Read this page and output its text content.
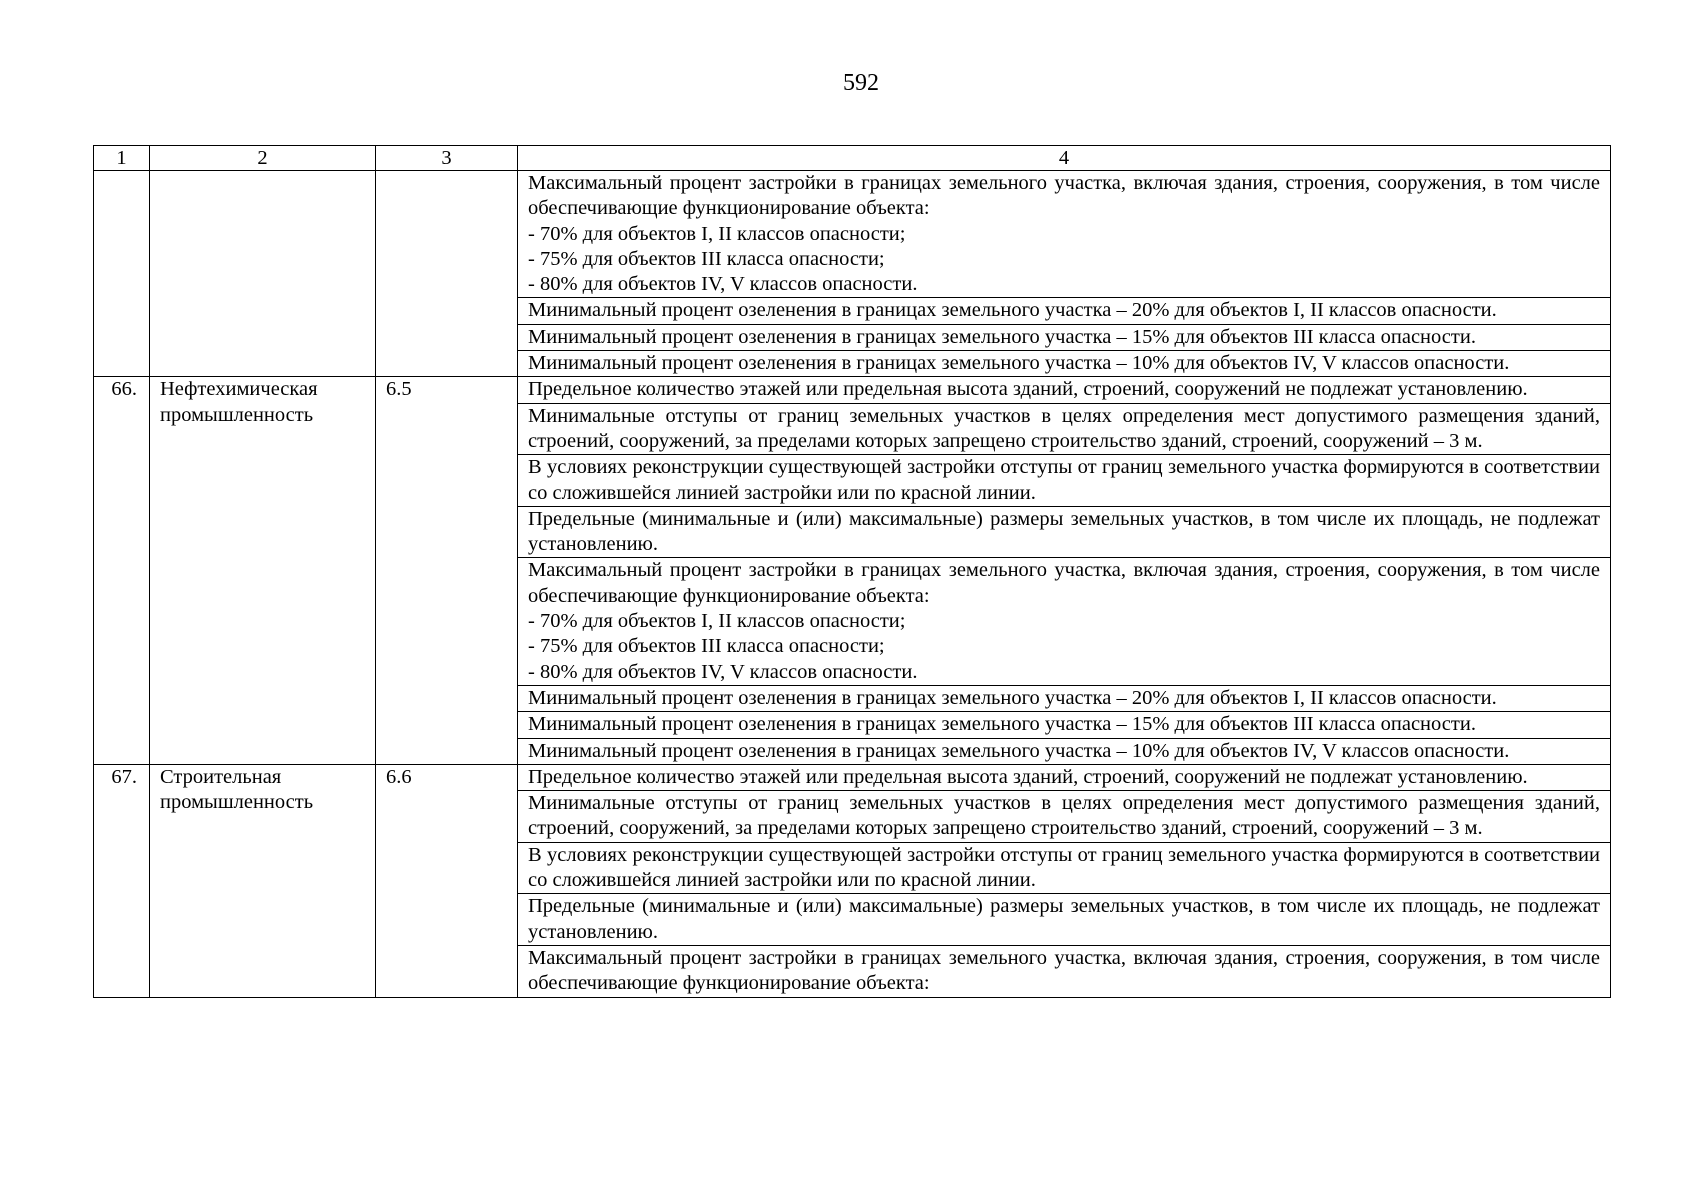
592
1	2	3	4

			Максимальный процент застройки в границах земельного участка, включая здания, строения, сооружения, в том числе обеспечивающие функционирование объекта:
- 70% для объектов I, II классов опасности;
- 75% для объектов III класса опасности;
- 80% для объектов IV, V классов опасности.

			Минимальный процент озеленения в границах земельного участка – 20% для объектов I, II классов опасности.

			Минимальный процент озеленения в границах земельного участка – 15% для объектов III класса опасности.

			Минимальный процент озеленения в границах земельного участка – 10% для объектов IV, V классов опасности.

66.	Нефтехимическая промышленность	6.5	Предельное количество этажей или предельная высота зданий, строений, сооружений не подлежат установлению.

			Минимальные отступы от границ земельных участков в целях определения мест допустимого размещения зданий, строений, сооружений, за пределами которых запрещено строительство зданий, строений, сооружений – 3 м.

			В условиях реконструкции существующей застройки отступы от границ земельного участка формируются в соответствии со сложившейся линией застройки или по красной линии.

			Предельные (минимальные и (или) максимальные) размеры земельных участков, в том числе их площадь, не подлежат установлению.

			Максимальный процент застройки в границах земельного участка, включая здания, строения, сооружения, в том числе обеспечивающие функционирование объекта:
- 70% для объектов I, II классов опасности;
- 75% для объектов III класса опасности;
- 80% для объектов IV, V классов опасности.

			Минимальный процент озеленения в границах земельного участка – 20% для объектов I, II классов опасности.

			Минимальный процент озеленения в границах земельного участка – 15% для объектов III класса опасности.

			Минимальный процент озеленения в границах земельного участка – 10% для объектов IV, V классов опасности.

67.	Строительная промышленность	6.6	Предельное количество этажей или предельная высота зданий, строений, сооружений не подлежат установлению.

			Минимальные отступы от границ земельных участков в целях определения мест допустимого размещения зданий, строений, сооружений, за пределами которых запрещено строительство зданий, строений, сооружений – 3 м.

			В условиях реконструкции существующей застройки отступы от границ земельного участка формируются в соответствии со сложившейся линией застройки или по красной линии.

			Предельные (минимальные и (или) максимальные) размеры земельных участков, в том числе их площадь, не подлежат установлению.

			Максимальный процент застройки в границах земельного участка, включая здания, строения, сооружения, в том числе обеспечивающие функционирование объекта:
